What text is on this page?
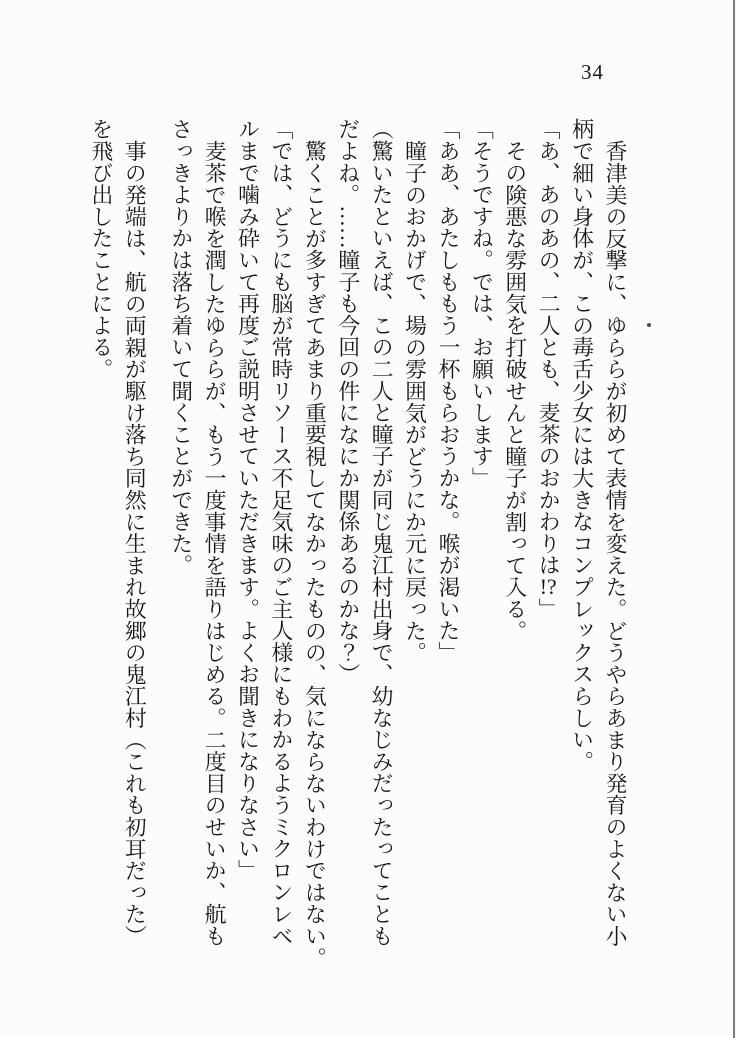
34

香津美の反撃に、ゆららが初めて表情を変えた。どうやらあまり発育のよくない小柄で細い身体が、この毒舌少女には大きなコンプレックスらしい。

「あ、あのあの、二人とも、麦茶のおかわりは!?」

その険悪な雰囲気を打破せんと瞳子が割って入る。

「そうですね。では、お願いします」

「ああ、あたしももう一杯もらおうかな。喉が渇いた」

瞳子のおかげで、場の雰囲気がどうにか元に戻った。

（驚いたといえば、この二人と瞳子が同じ鬼江村出身で、幼なじみだったってこともだよね。……瞳子も今回の件になにか関係あるのかな？）

驚くことが多すぎてあまり重要視してなかったものの、気にならないわけではない。

「では、どうにも脳が常時リソース不足気味のご主人様にもわかるようミクロンレベルまで噛み砕いて再度ご説明させていただきます。よくお聞きになりなさい」

麦茶で喉を潤したゆららが、もう一度事情を語りはじめる。二度目のせいか、航もさっきよりかは落ち着いて聞くことができた。

事の発端は、航の両親が駆け落ち同然に生まれ故郷の鬼江村（これも初耳だった）を飛び出したことによる。
